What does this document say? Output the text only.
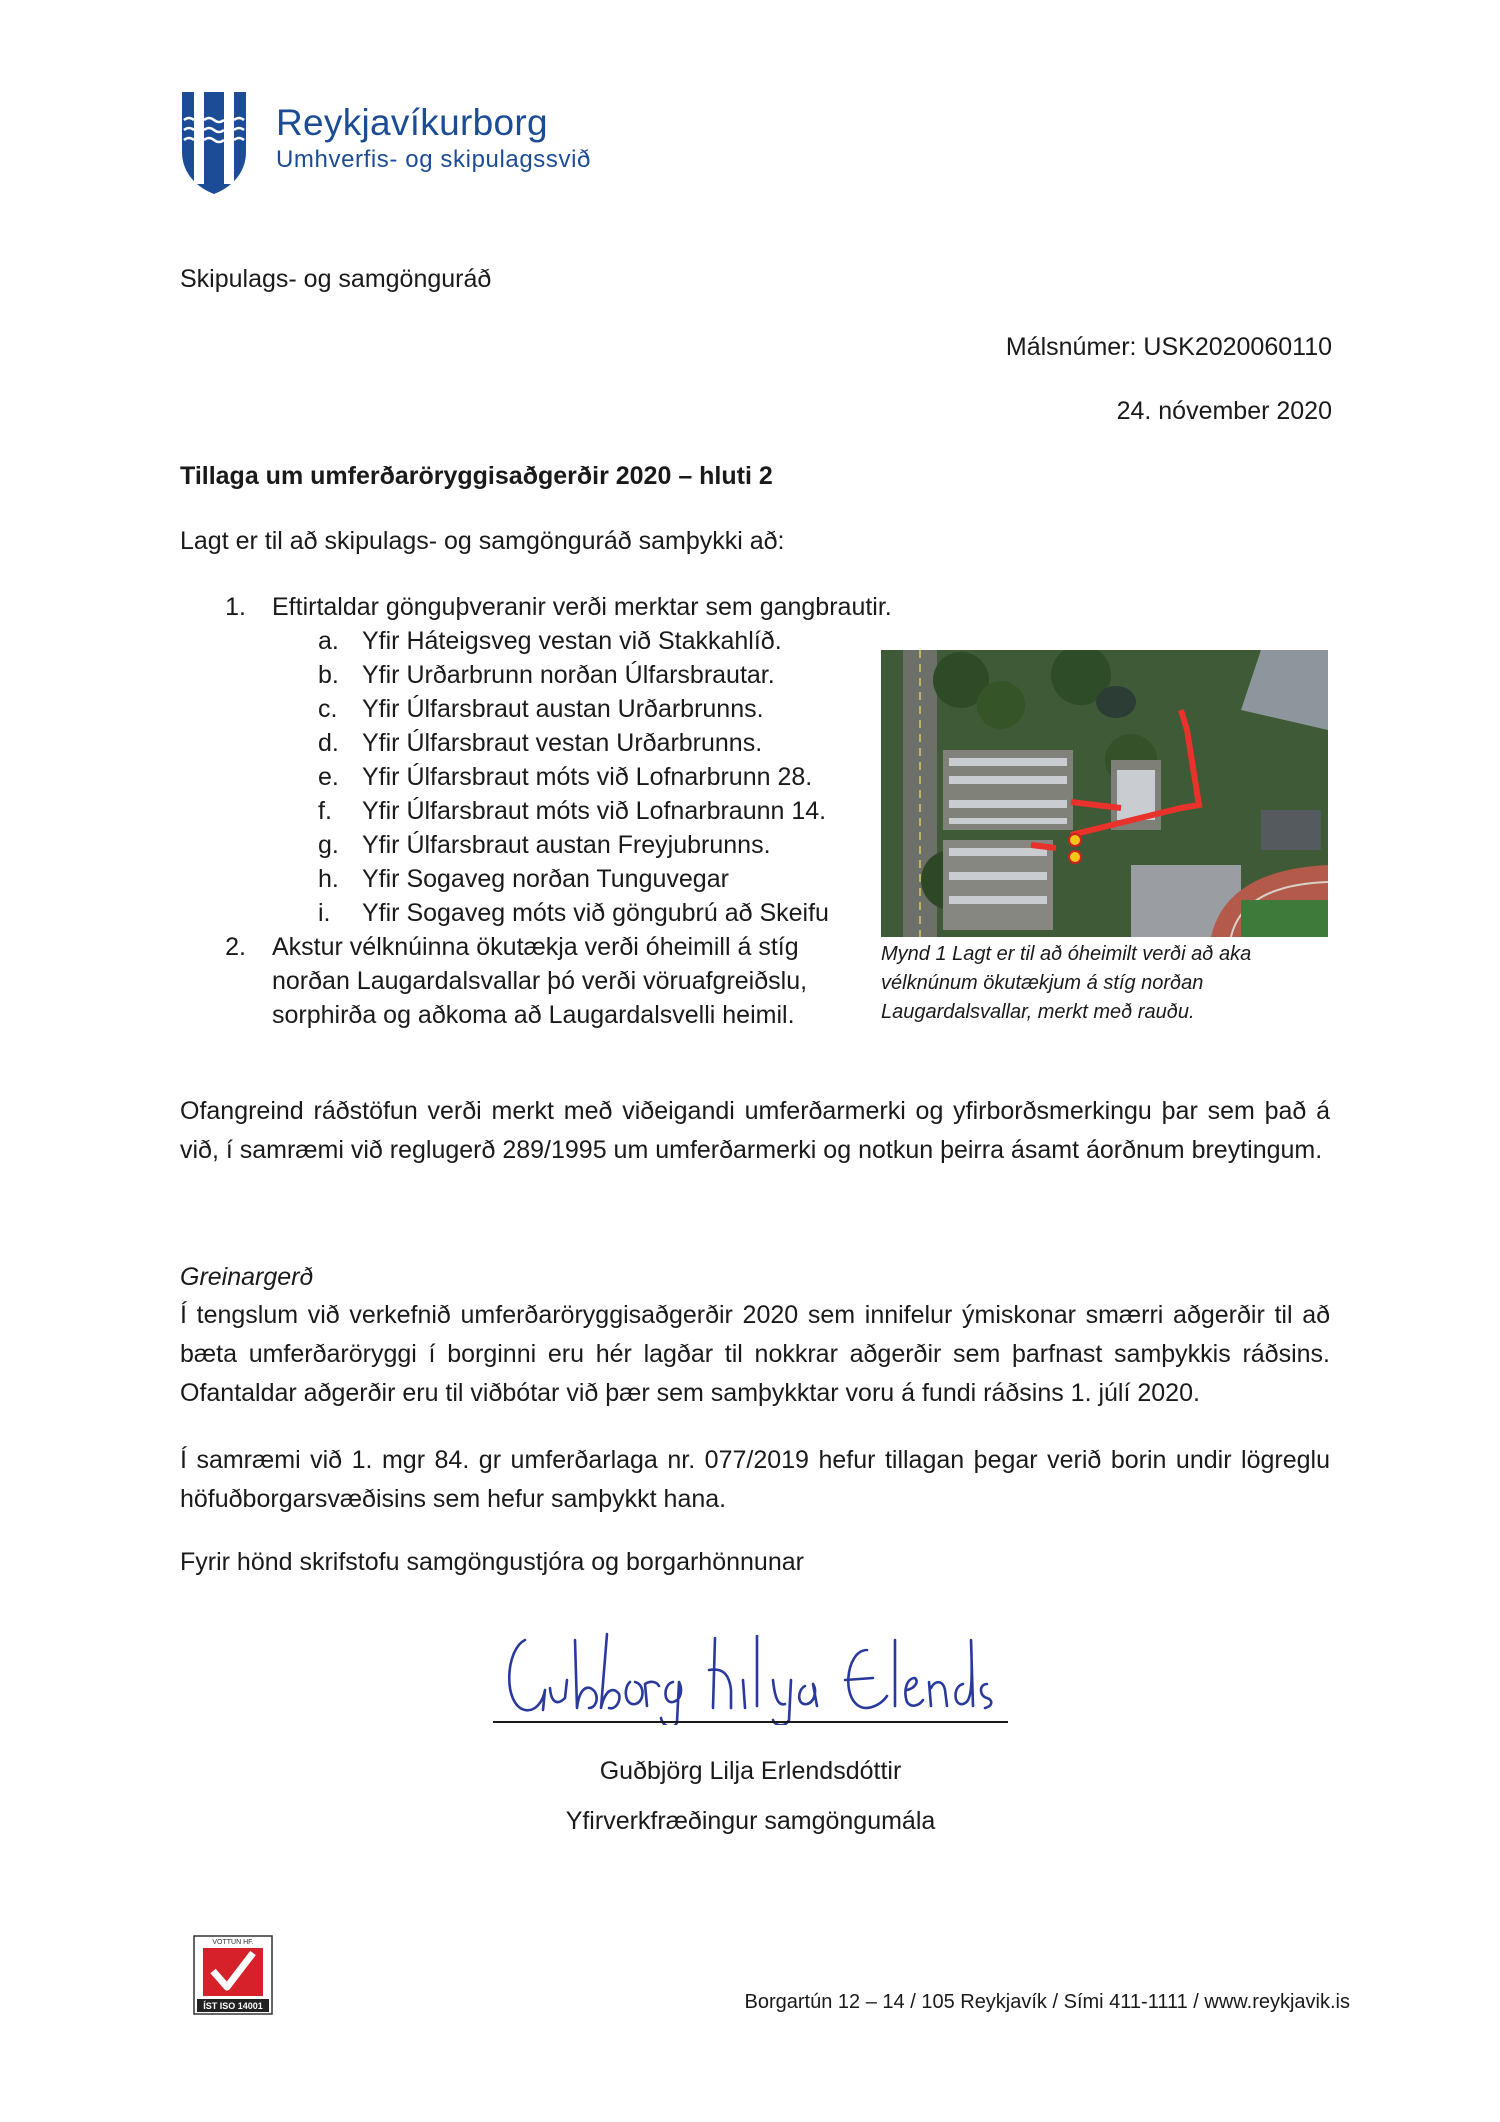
Reykjavíkurborg
Umhverfis- og skipulagssvið
Skipulags- og samgönguráð
Málsnúmer: USK2020060110
24. nóvember 2020
Tillaga um umferðaröryggisaðgerðir 2020 – hluti 2
Lagt er til að skipulags- og samgönguráð samþykki að:
1. Eftirtaldar gönguþveranir verði merktar sem gangbrautir.
a. Yfir Háteigsveg vestan við Stakkahlíð.
b. Yfir Urðarbrunn norðan Úlfarsbrautar.
c. Yfir Úlfarsbraut austan Urðarbrunns.
d. Yfir Úlfarsbraut vestan Urðarbrunns.
e. Yfir Úlfarsbraut móts við Lofnarbrunn 28.
f.	Yfir Úlfarsbraut móts við Lofnarbraunn 14.
g. Yfir Úlfarsbraut austan Freyjubrunns.
h. Yfir Sogaveg norðan Tunguvegar
i.	Yfir Sogaveg móts við göngubrú að Skeifu
2. Akstur vélknúinna ökutækja verði óheimill á stíg
norðan Laugardalsvallar þó verði vöruafgreiðslu,
sorphirða og aðkoma að Laugardalsvelli heimil.
Mynd 1 Lagt er til að óheimilt verði að aka
vélknúnum ökutækjum á stíg norðan
Laugardalsvallar, merkt með rauðu.
Ofangreind ráðstöfun verði merkt með viðeigandi umferðarmerki og yfirborðsmerkingu þar sem það á við, í samræmi við reglugerð 289/1995 um umferðarmerki og notkun þeirra ásamt áorðnum breytingum.
Greinargerð
Í tengslum við verkefnið umferðaröryggisaðgerðir 2020 sem innifelur ýmiskonar smærri aðgerðir til að bæta umferðaröryggi í borginni eru hér lagðar til nokkrar aðgerðir sem þarfnast samþykkis ráðsins. Ofantaldar aðgerðir eru til viðbótar við þær sem samþykktar voru á fundi ráðsins 1. júlí 2020.
Í samræmi við 1. mgr 84. gr umferðarlaga nr. 077/2019 hefur tillagan þegar verið borin undir lögreglu höfuðborgarsvæðisins sem hefur samþykkt hana.
Fyrir hönd skrifstofu samgöngustjóra og borgarhönnunar
Guðbjörg Lilja Erlendsdóttir
Yfirverkfræðingur samgöngumála
VOTTUN HF.
ÍST ISO 14001	Borgartún 12 – 14 / 105 Reykjavík / Sími 411-1111 / www.reykjavik.is
